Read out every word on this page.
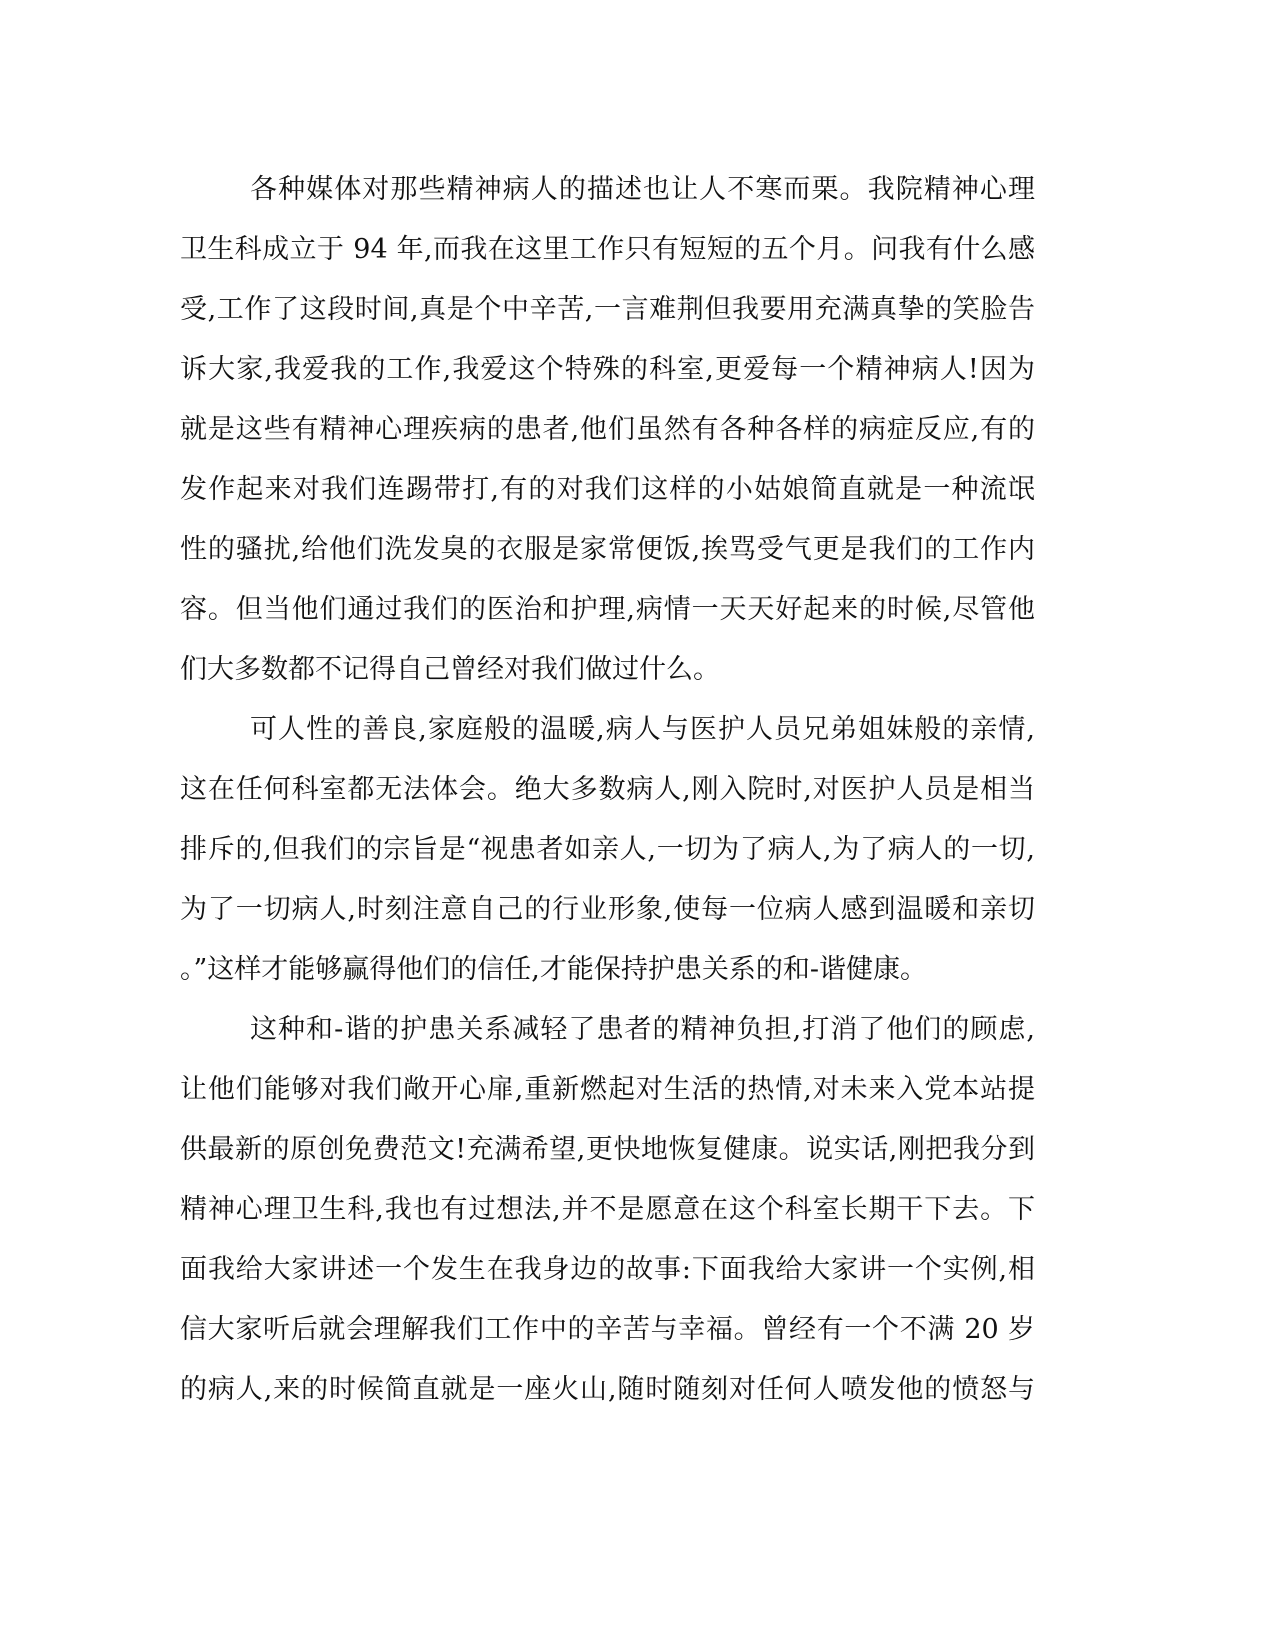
各种媒体对那些精神病人的描述也让人不寒而栗。我院精神心理
卫生科成立于 94 年,而我在这里工作只有短短的五个月。问我有什么感
受,工作了这段时间,真是个中辛苦,一言难荆但我要用充满真挚的笑脸告
诉大家,我爱我的工作,我爱这个特殊的科室,更爱每一个精神病人!因为
就是这些有精神心理疾病的患者,他们虽然有各种各样的病症反应,有的
发作起来对我们连踢带打,有的对我们这样的小姑娘简直就是一种流氓
性的骚扰,给他们洗发臭的衣服是家常便饭,挨骂受气更是我们的工作内
容。但当他们通过我们的医治和护理,病情一天天好起来的时候,尽管他
们大多数都不记得自己曾经对我们做过什么。
可人性的善良,家庭般的温暖,病人与医护人员兄弟姐妹般的亲情,
这在任何科室都无法体会。绝大多数病人,刚入院时,对医护人员是相当
排斥的,但我们的宗旨是“视患者如亲人,一切为了病人,为了病人的一切,
为了一切病人,时刻注意自己的行业形象,使每一位病人感到温暖和亲切
。”这样才能够赢得他们的信任,才能保持护患关系的和-谐健康。
这种和-谐的护患关系减轻了患者的精神负担,打消了他们的顾虑,
让他们能够对我们敞开心扉,重新燃起对生活的热情,对未来入党本站提
供最新的原创免费范文!充满希望,更快地恢复健康。说实话,刚把我分到
精神心理卫生科,我也有过想法,并不是愿意在这个科室长期干下去。下
面我给大家讲述一个发生在我身边的故事:下面我给大家讲一个实例,相
信大家听后就会理解我们工作中的辛苦与幸福。曾经有一个不满 20 岁
的病人,来的时候简直就是一座火山,随时随刻对任何人喷发他的愤怒与
